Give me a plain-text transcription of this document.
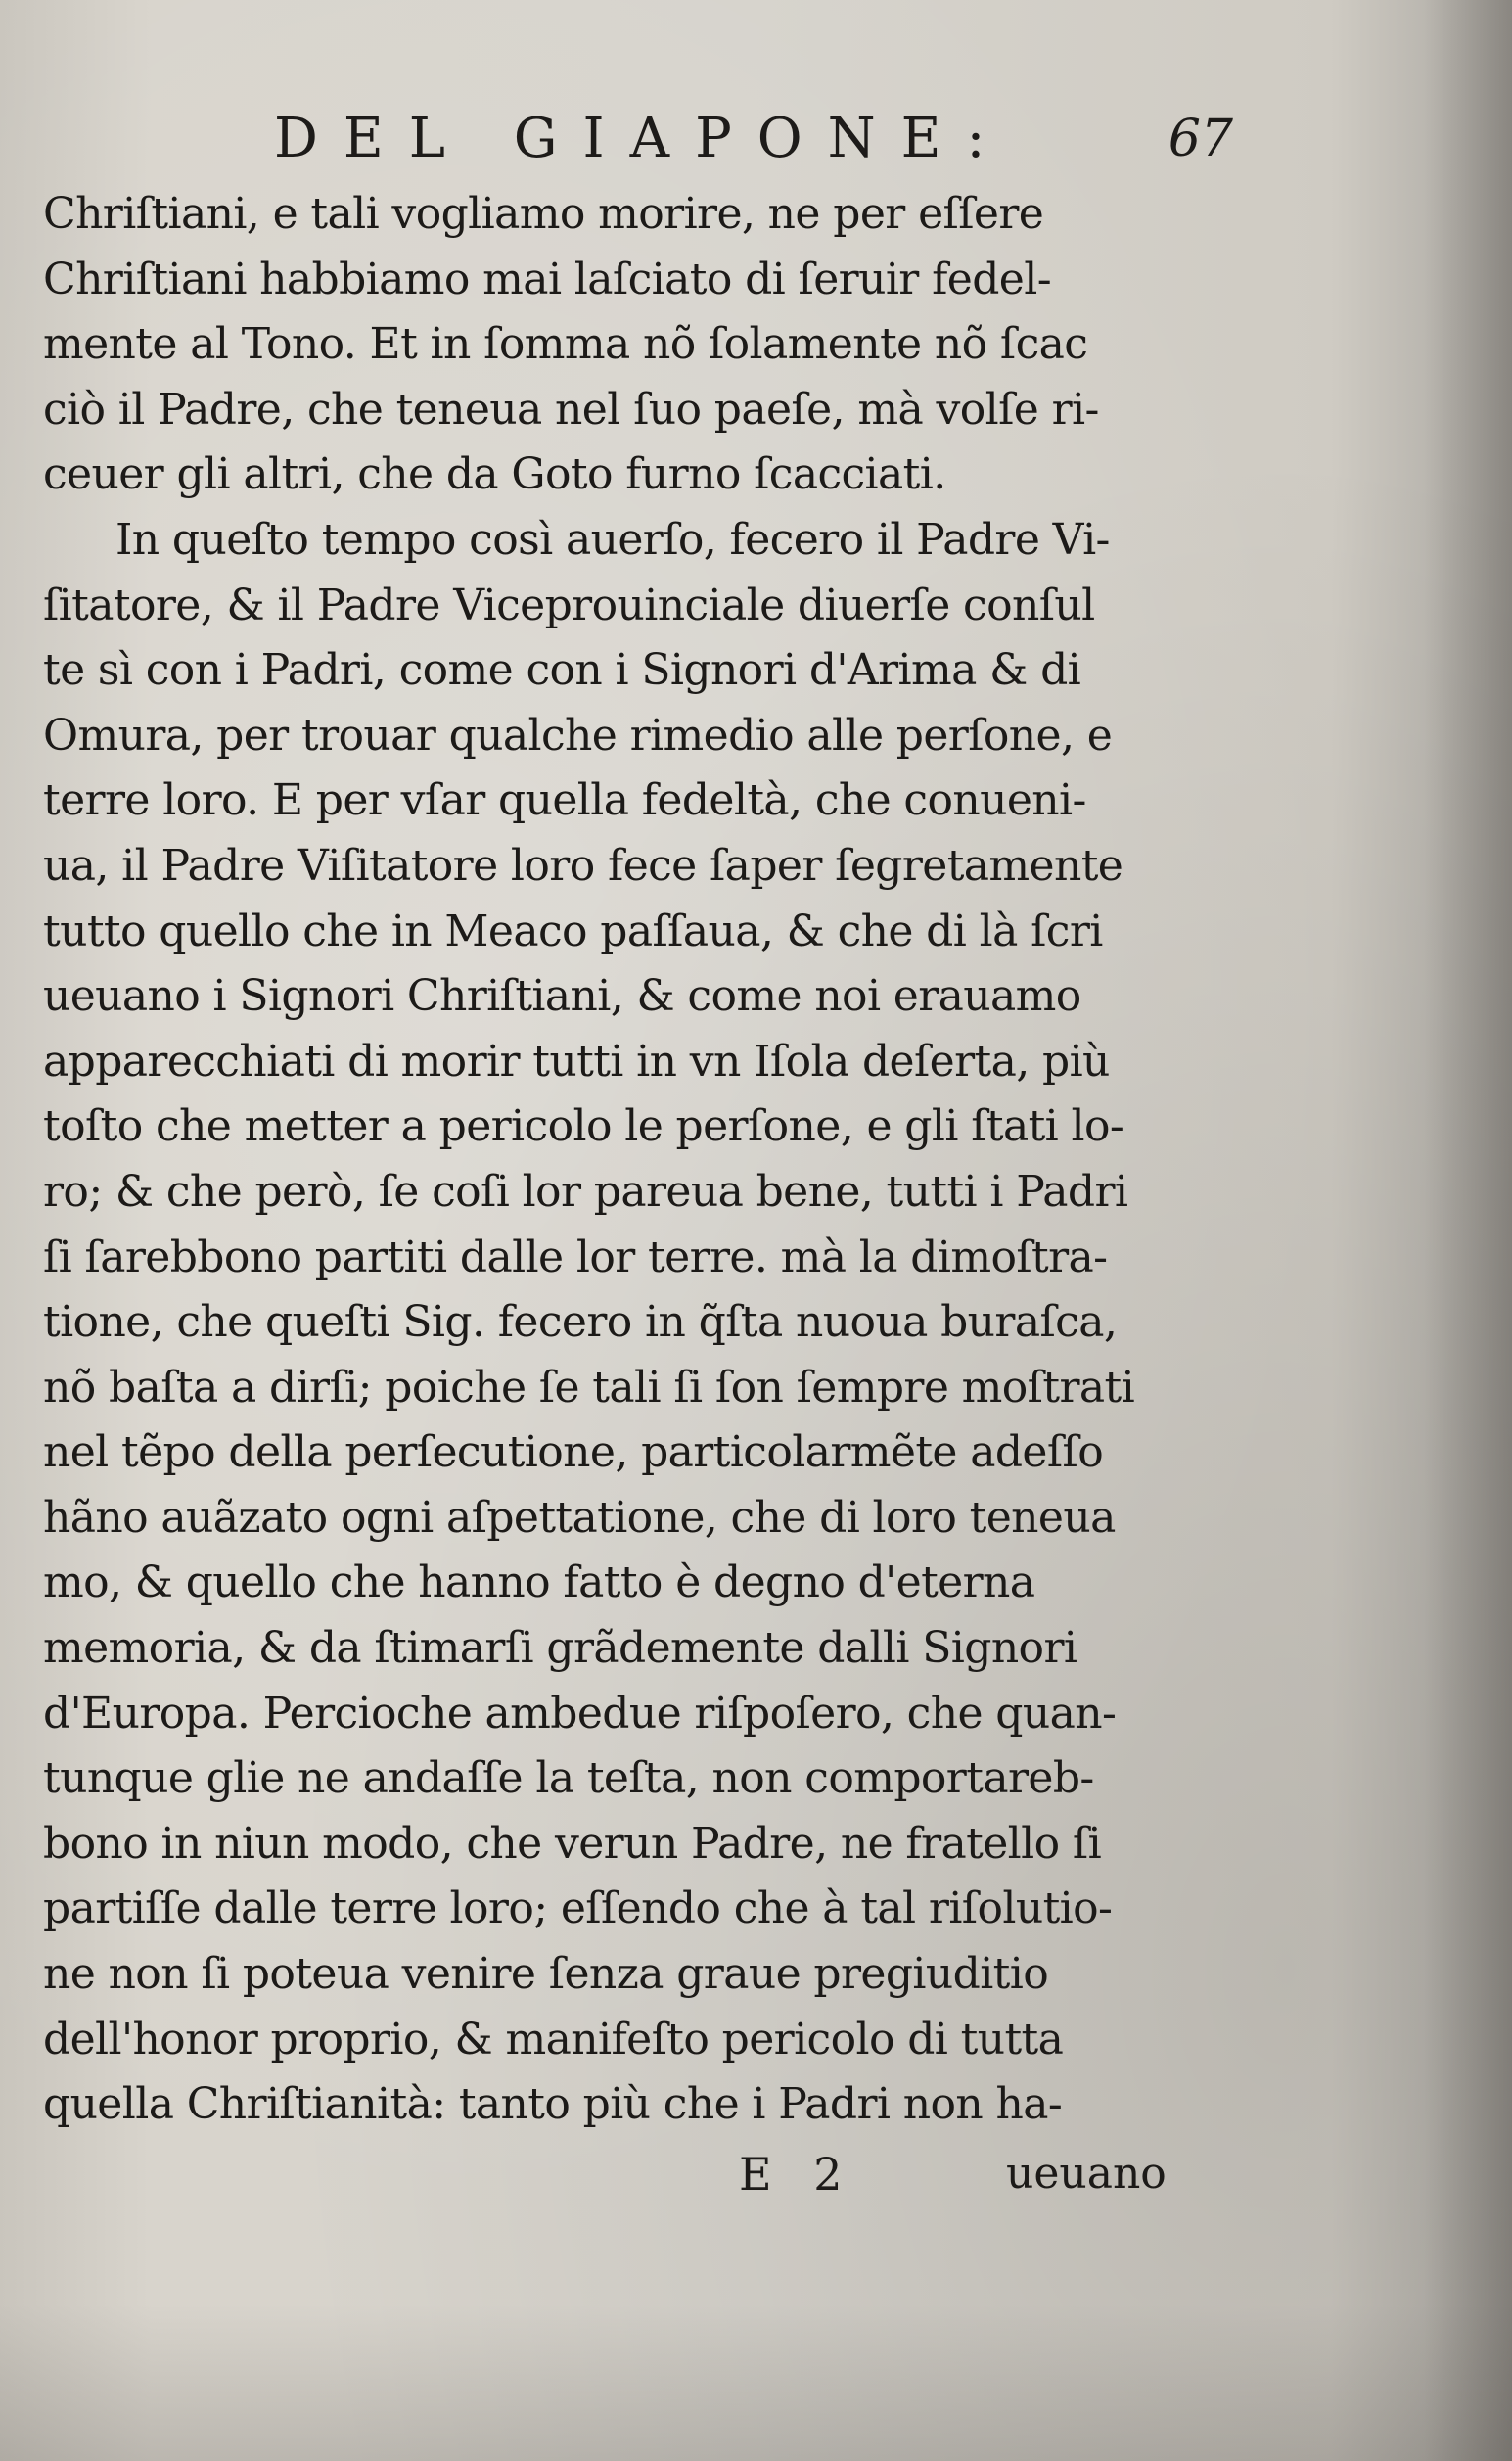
DEL GIAPONE:	67
Chriſtiani, e tali vogliamo morire, ne per eſſere
Chriſtiani habbiamo mai laſciato di ſeruir fedel-
mente al Tono. Et in ſomma nõ ſolamente nõ ſcac
ciò il Padre, che teneua nel ſuo paeſe, mà volſe ri-
ceuer gli altri, che da Goto furno ſcacciati.
In queſto tempo così auerſo, fecero il Padre Vi-
ſitatore, & il Padre Viceprouinciale diuerſe conſul
te sì con i Padri, come con i Signori d'Arima & di
Omura, per trouar qualche rimedio alle perſone, e
terre loro. E per vſar quella fedeltà, che conueni-
ua, il Padre Viſitatore loro fece ſaper ſegretamente
tutto quello che in Meaco paſſaua, & che di là ſcri
ueuano i Signori Chriſtiani, & come noi erauamo
apparecchiati di morir tutti in vn Iſola deſerta, più
toſto che metter a pericolo le perſone, e gli ſtati lo-
ro; & che però, ſe coſi lor pareua bene, tutti i Padri
ſi ſarebbono partiti dalle lor terre. mà la dimoſtra-
tione, che queſti Sig. fecero in q̃ſta nuoua buraſca,
nõ baſta a dirſi; poiche ſe tali ſi ſon ſempre moſtrati
nel tẽpo della perſecutione, particolarmẽte adeſſo
hãno auãzato ogni aſpettatione, che di loro teneua
mo, & quello che hanno fatto è degno d'eterna
memoria, & da ſtimarſi grãdemente dalli Signori
d'Europa. Percioche ambedue riſpoſero, che quan-
tunque glie ne andaſſe la teſta, non comportareb-
bono in niun modo, che verun Padre, ne fratello ſi
partiſſe dalle terre loro; eſſendo che à tal riſolutio-
ne non ſi poteua venire ſenza graue pregiuditio
dell'honor proprio, & manifeſto pericolo di tutta
quella Chriſtianità: tanto più che i Padri non ha-
E 2	ueuano
